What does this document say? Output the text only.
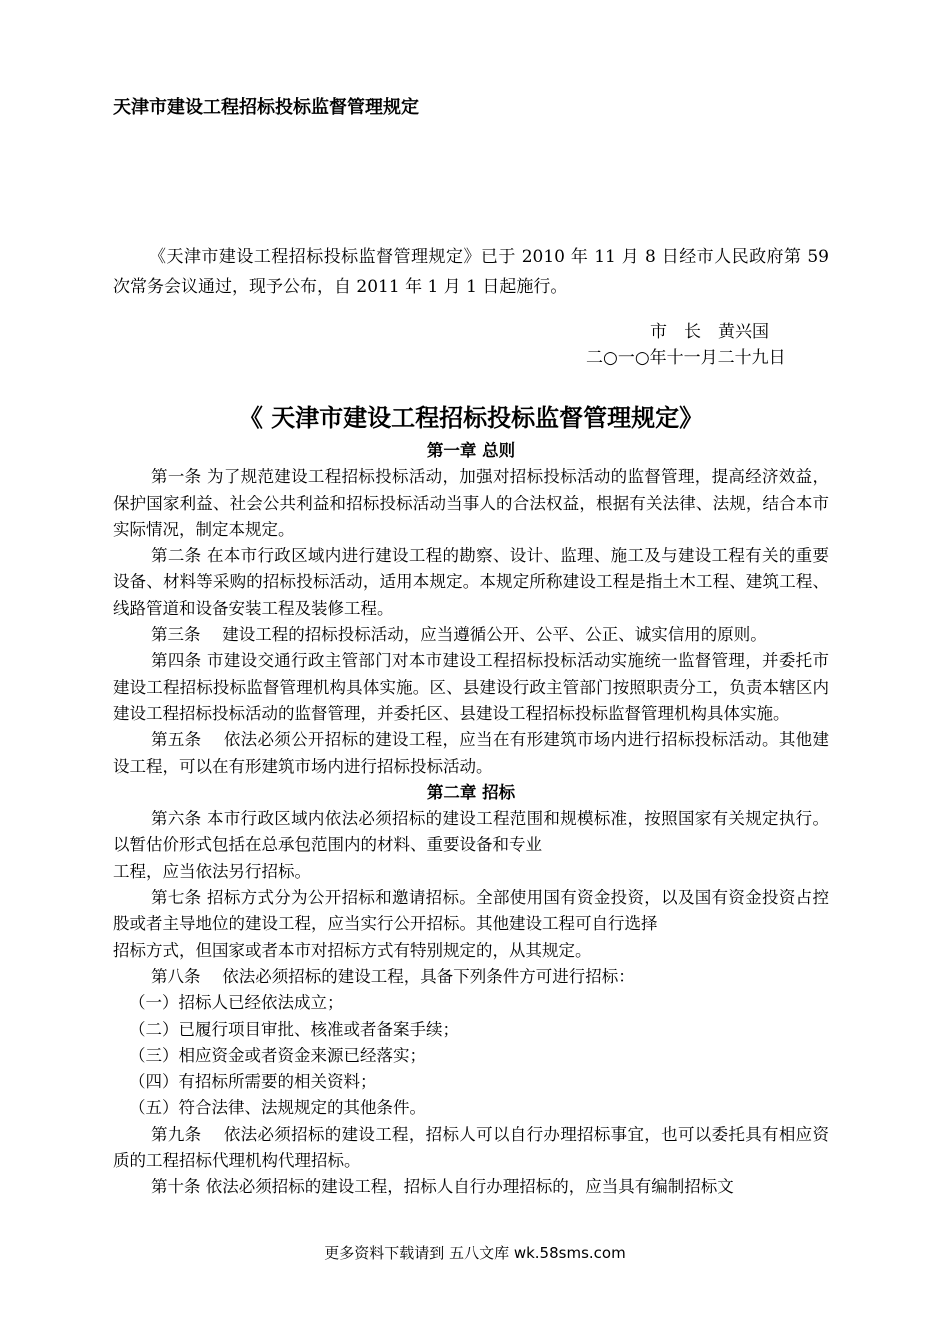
天津市建设工程招标投标监督管理规定

《天津市建设工程招标投标监督管理规定》已于 2010 年 11 月 8 日经市人民政府第 59 次常务会议通过，现予公布，自 2011 年 1 月 1 日起施行。

市　长　黄兴国
二○一○年十一月二十九日
《 天津市建设工程招标投标监督管理规定》

第一章 总则

第一条 为了规范建设工程招标投标活动，加强对招标投标活动的监督管理，提高经济效益，保护国家利益、社会公共利益和招标投标活动当事人的合法权益，根据有关法律、法规，结合本市实际情况，制定本规定。

第二条 在本市行政区域内进行建设工程的勘察、设计、监理、施工及与建设工程有关的重要设备、材料等采购的招标投标活动，适用本规定。本规定所称建设工程是指土木工程、建筑工程、线路管道和设备安装工程及装修工程。

第三条　 建设工程的招标投标活动，应当遵循公开、公平、公正、诚实信用的原则。

第四条 市建设交通行政主管部门对本市建设工程招标投标活动实施统一监督管理，并委托市建设工程招标投标监督管理机构具体实施。区、县建设行政主管部门按照职责分工，负责本辖区内建设工程招标投标活动的监督管理，并委托区、县建设工程招标投标监督管理机构具体实施。

第五条　 依法必须公开招标的建设工程，应当在有形建筑市场内进行招标投标活动。其他建设工程，可以在有形建筑市场内进行招标投标活动。

第二章 招标

第六条 本市行政区域内依法必须招标的建设工程范围和规模标准，按照国家有关规定执行。以暂估价形式包括在总承包范围内的材料、重要设备和专业

工程，应当依法另行招标。

第七条 招标方式分为公开招标和邀请招标。全部使用国有资金投资，以及国有资金投资占控股或者主导地位的建设工程，应当实行公开招标。其他建设工程可自行选择

招标方式，但国家或者本市对招标方式有特别规定的，从其规定。

第八条　 依法必须招标的建设工程，具备下列条件方可进行招标：

（一）招标人已经依法成立；

（二）已履行项目审批、核准或者备案手续；

（三）相应资金或者资金来源已经落实；

（四）有招标所需要的相关资料；

（五）符合法律、法规规定的其他条件。

第九条　 依法必须招标的建设工程，招标人可以自行办理招标事宜，也可以委托具有相应资质的工程招标代理机构代理招标。

第十条 依法必须招标的建设工程，招标人自行办理招标的，应当具有编制招标文

更多资料下载请到 五八文库 wk.58sms.com
